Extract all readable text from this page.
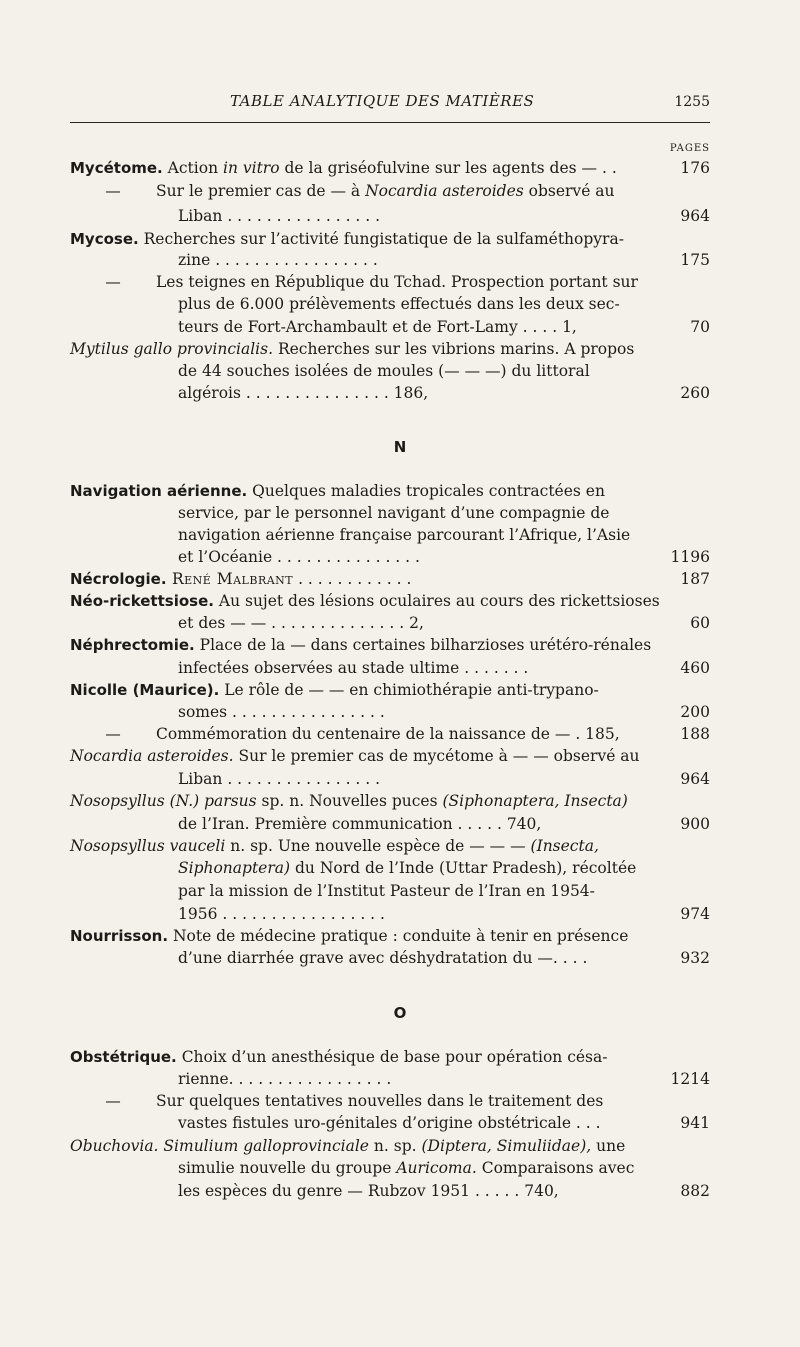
TABLE ANALYTIQUE DES MATIÈRES	1255
PAGES
Mycétome. Action in vitro de la griséofulvine sur les agents des — . .	176
— Sur le premier cas de — à Nocardia asteroides observé au
Liban . . . . . . . . . . . . . . . .	964
Mycose. Recherches sur l’activité fungistatique de la sulfaméthopyra-
zine . . . . . . . . . . . . . . . . .	175
— Les teignes en République du Tchad. Prospection portant sur
plus de 6.000 prélèvements effectués dans les deux sec-
teurs de Fort-Archambault et de Fort-Lamy . . . . 1,	70
Mytilus gallo provincialis. Recherches sur les vibrions marins. A propos
de 44 souches isolées de moules (— — —) du littoral
algérois . . . . . . . . . . . . . . . 186,	260
N
Navigation aérienne. Quelques maladies tropicales contractées en
service, par le personnel navigant d’une compagnie de
navigation aérienne française parcourant l’Afrique, l’Asie
et l’Océanie . . . . . . . . . . . . . . .	1196
Nécrologie. René Malbrant . . . . . . . . . . . .	187
Néo-rickettsiose. Au sujet des lésions oculaires au cours des rickettsioses
et des — — . . . . . . . . . . . . . . 2,	60
Néphrectomie. Place de la — dans certaines bilharzioses urétéro-rénales
infectées observées au stade ultime . . . . . . .	460
Nicolle (Maurice). Le rôle de — — en chimiothérapie anti-trypano-
somes . . . . . . . . . . . . . . . .	200
— Commémoration du centenaire de la naissance de — . 185,	188
Nocardia asteroides. Sur le premier cas de mycétome à — — observé au
Liban . . . . . . . . . . . . . . . .	964
Nosopsyllus (N.) parsus sp. n. Nouvelles puces (Siphonaptera, Insecta)
de l’Iran. Première communication . . . . . 740,	900
Nosopsyllus vauceli n. sp. Une nouvelle espèce de — — — (Insecta,
Siphonaptera) du Nord de l’Inde (Uttar Pradesh), récoltée
par la mission de l’Institut Pasteur de l’Iran en 1954-
1956 . . . . . . . . . . . . . . . . .	974
Nourrisson. Note de médecine pratique : conduite à tenir en présence
d’une diarrhée grave avec déshydratation du —. . . .	932
O
Obstétrique. Choix d’un anesthésique de base pour opération césa-
rienne. . . . . . . . . . . . . . . . .	1214
— Sur quelques tentatives nouvelles dans le traitement des
vastes fistules uro-génitales d’origine obstétricale . . .	941
Obuchovia. Simulium galloprovinciale n. sp. (Diptera, Simuliidae), une
simulie nouvelle du groupe Auricoma. Comparaisons avec
les espèces du genre — Rubzov 1951 . . . . . 740,	882
